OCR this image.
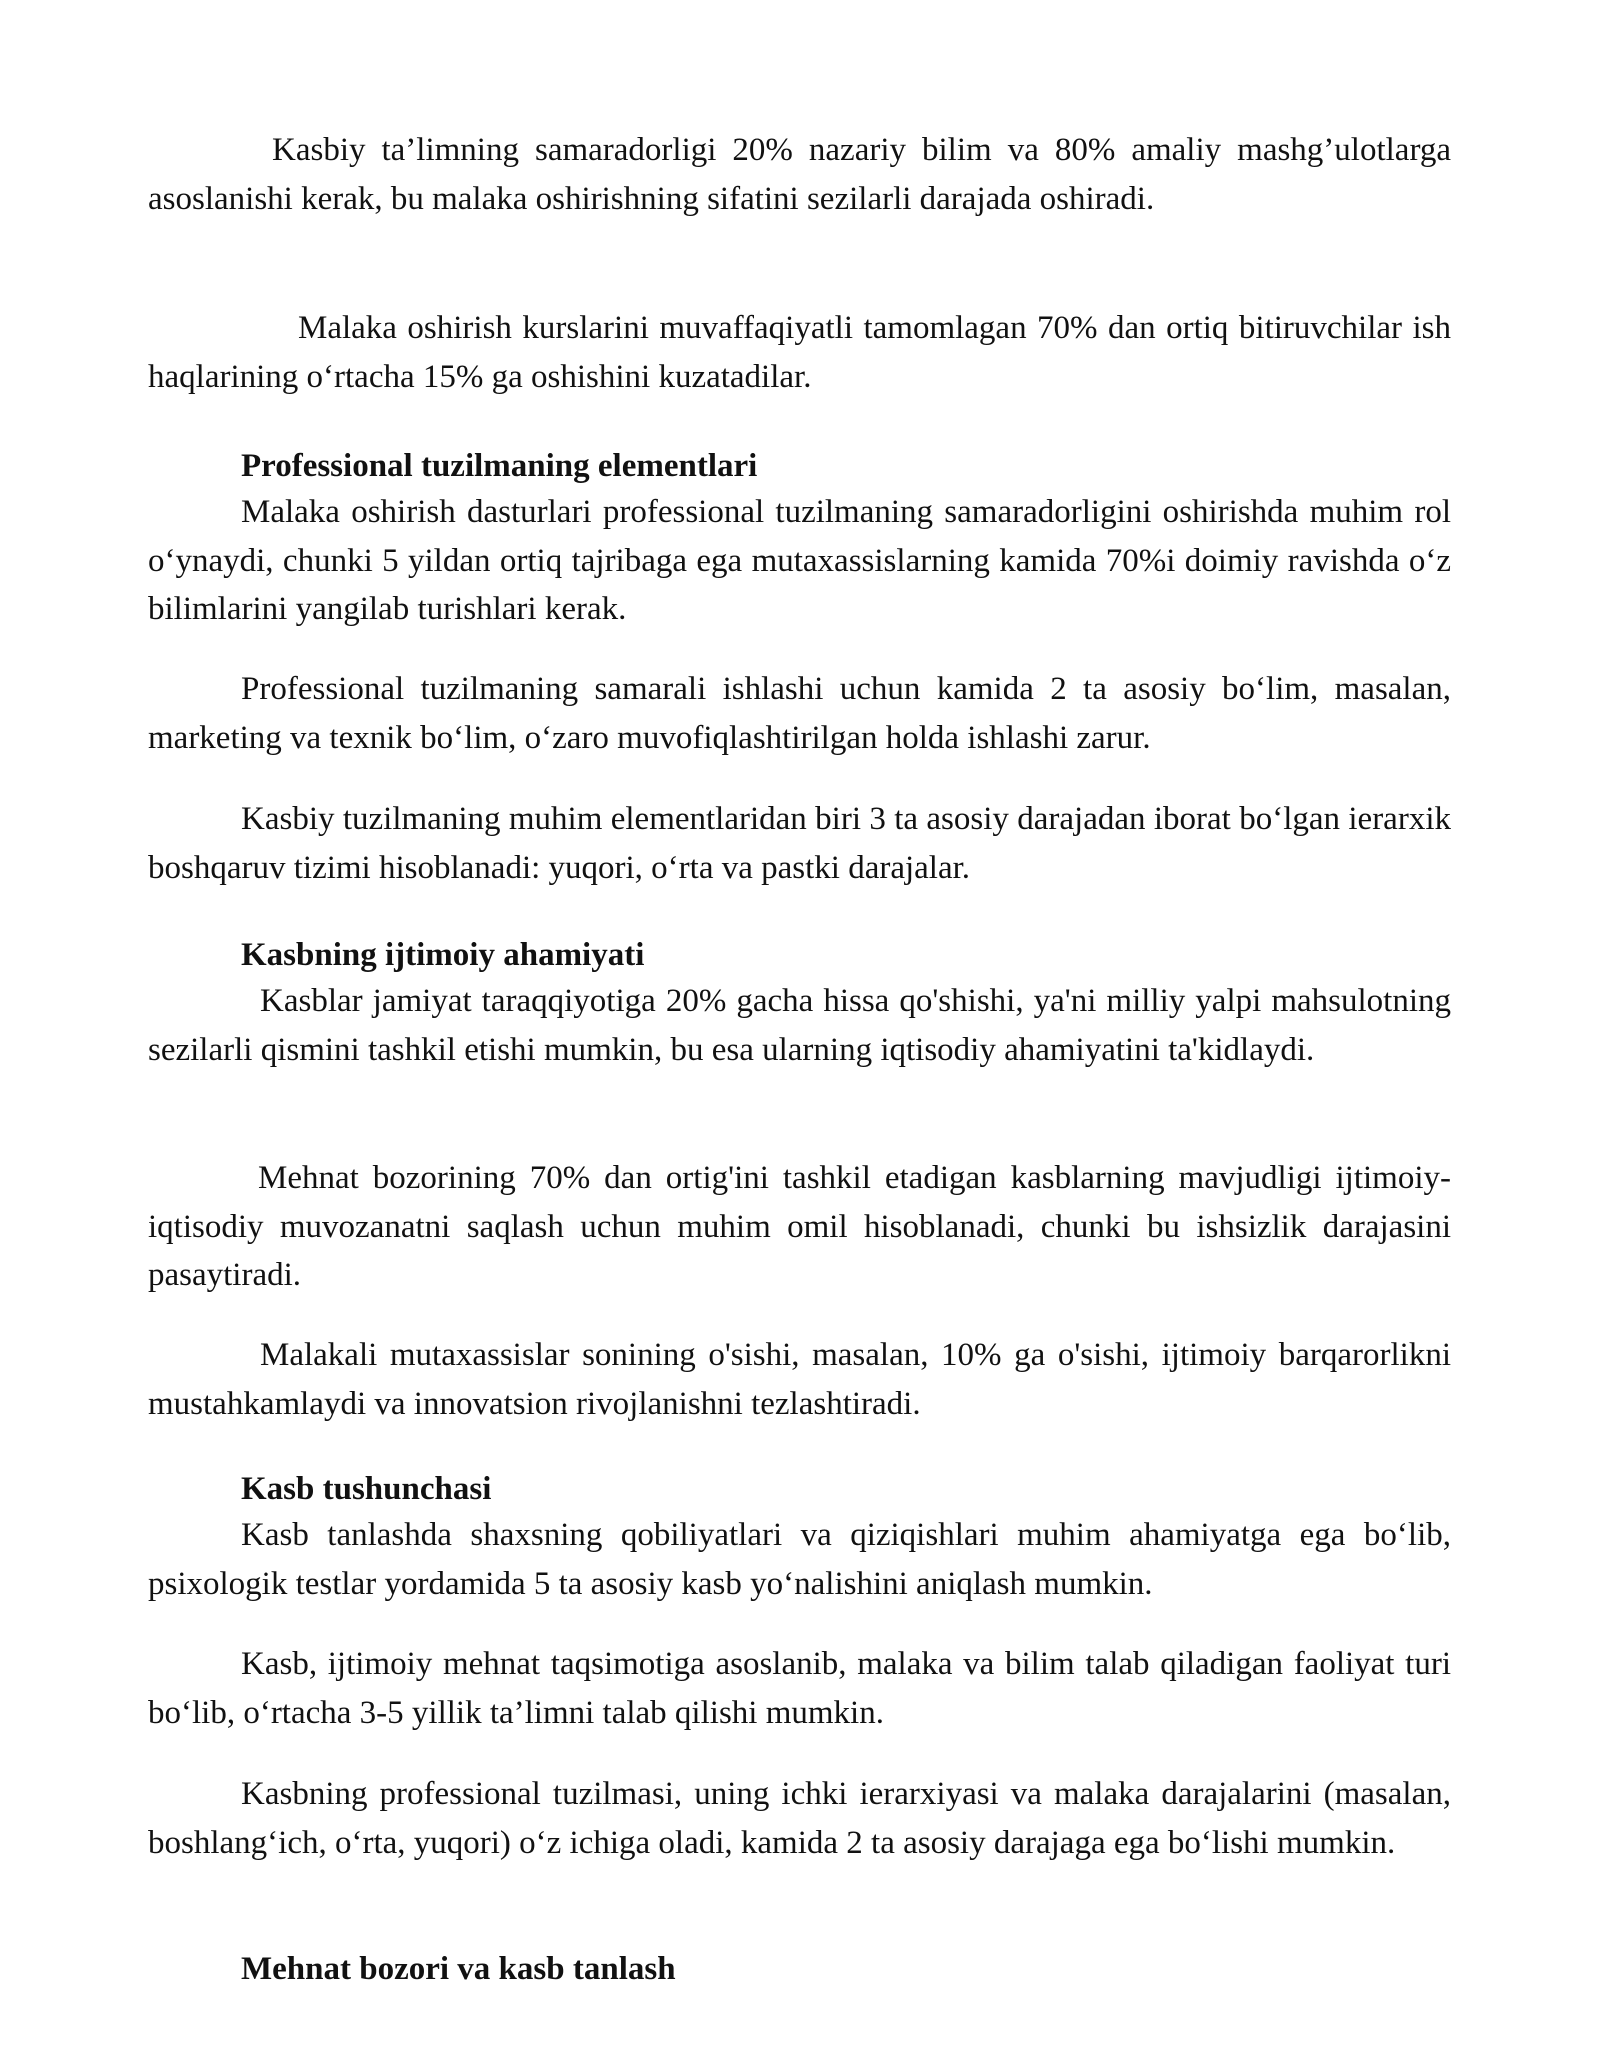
Kasbiy ta’limning samaradorligi 20% nazariy bilim va 80% amaliy mashg’ulotlarga asoslanishi kerak, bu malaka oshirishning sifatini sezilarli darajada oshiradi.

Malaka oshirish kurslarini muvaffaqiyatli tamomlagan 70% dan ortiq bitiruvchilar ish haqlarining o‘rtacha 15% ga oshishini kuzatadilar.

Professional tuzilmaning elementlari

Malaka oshirish dasturlari professional tuzilmaning samaradorligini oshirishda muhim rol o‘ynaydi, chunki 5 yildan ortiq tajribaga ega mutaxassislarning kamida 70%i doimiy ravishda o‘z bilimlarini yangilab turishlari kerak.

Professional tuzilmaning samarali ishlashi uchun kamida 2 ta asosiy bo‘lim, masalan, marketing va texnik bo‘lim, o‘zaro muvofiqlashtirilgan holda ishlashi zarur.

Kasbiy tuzilmaning muhim elementlaridan biri 3 ta asosiy darajadan iborat bo‘lgan ierarxik boshqaruv tizimi hisoblanadi: yuqori, o‘rta va pastki darajalar.

Kasbning ijtimoiy ahamiyati

Kasblar jamiyat taraqqiyotiga 20% gacha hissa qo'shishi, ya'ni milliy yalpi mahsulotning sezilarli qismini tashkil etishi mumkin, bu esa ularning iqtisodiy ahamiyatini ta'kidlaydi.

Mehnat bozorining 70% dan ortig'ini tashkil etadigan kasblarning mavjudligi ijtimoiy-iqtisodiy muvozanatni saqlash uchun muhim omil hisoblanadi, chunki bu ishsizlik darajasini pasaytiradi.

Malakali mutaxassislar sonining o'sishi, masalan, 10% ga o'sishi, ijtimoiy barqarorlikni mustahkamlaydi va innovatsion rivojlanishni tezlashtiradi.

Kasb tushunchasi

Kasb tanlashda shaxsning qobiliyatlari va qiziqishlari muhim ahamiyatga ega bo‘lib, psixologik testlar yordamida 5 ta asosiy kasb yo‘nalishini aniqlash mumkin.

Kasb, ijtimoiy mehnat taqsimotiga asoslanib, malaka va bilim talab qiladigan faoliyat turi bo‘lib, o‘rtacha 3-5 yillik ta’limni talab qilishi mumkin.

Kasbning professional tuzilmasi, uning ichki ierarxiyasi va malaka darajalarini (masalan, boshlang‘ich, o‘rta, yuqori) o‘z ichiga oladi, kamida 2 ta asosiy darajaga ega bo‘lishi mumkin.

Mehnat bozori va kasb tanlash
